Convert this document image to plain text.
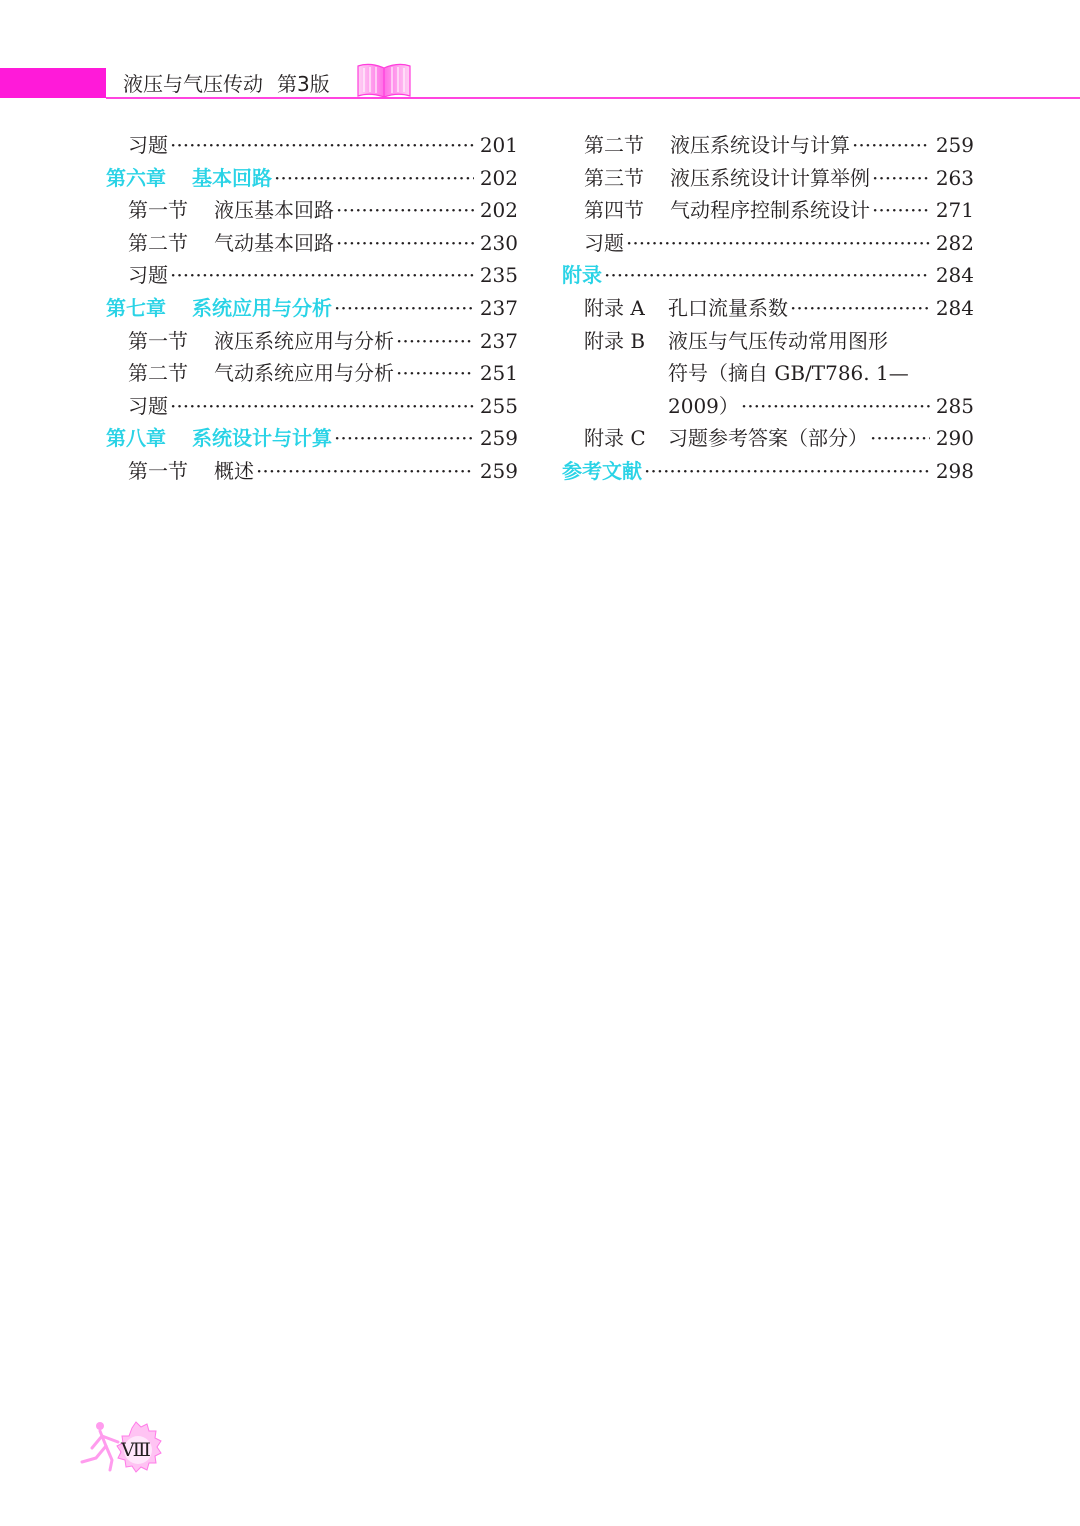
液压与气压传动 第3版
习题 ·····	201
第六章 基本回路 ·····	202
第一节 液压基本回路 ·····	202
第二节 气动基本回路 ·····	230
习题 ·····	235
第七章 系统应用与分析 ·····	237
第一节 液压系统应用与分析 ·····	237
第二节 气动系统应用与分析 ·····	251
习题 ·····	255
第八章 系统设计与计算 ·····	259
第一节 概述 ·····	259
第二节 液压系统设计与计算 ·····	259
第三节 液压系统设计计算举例 ·····	263
第四节 气动程序控制系统设计 ·····	271
习题 ·····	282
附录 ·····	284
附录 A 孔口流量系数 ·····	284
附录 B 液压与气压传动常用图形
符号（摘自 GB/T786. 1—
2009） ·····	285
附录 C 习题参考答案（部分） ·····	290
参考文献 ·····	298
Ⅷ
